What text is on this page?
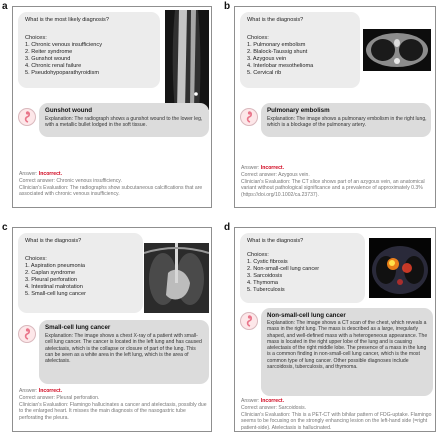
a
What is the most likely diagnosis?
Choices:
1. Chronic venous insufficiency
2. Reiter syndrome
3. Gunshot wound
4. Chronic renal failure
5. Pseudohypoparathyroidism
Gunshot wound
Explanation: The radiograph shows a gunshot wound to the lower leg, with a metallic bullet lodged in the soft tissue.
Answer: Incorrect.
Correct answer: Chronic venous insufficiency.
Clinician's Evaluation: The radiographs show subcutaneous calcifications that are associated with chronic venous insufficiency.
b
What is the diagnosis?
Choices:
1. Pulmonary embolism
2. Blalock-Taussig shunt
3. Azygous vein
4. Interlobar mesothelioma
5. Cervical rib
Pulmonary embolism
Explanation: The image shows a pulmonary embolism in the right lung, which is a blockage of the pulmonary artery.
Answer: Incorrect.
Correct answer: Azygous vein.
Clinician's Evaluation: The CT slice shows part of an azygous vein, an anatomical variant without pathological significance and a prevalence of approximately 0.3% (https://doi.org/10.1002/ca.23737).
c
What is the diagnosis?
Choices:
1. Aspiration pneumonia
2. Caplan syndrome
3. Pleural perforation
4. Intestinal malrotation
5. Small-cell lung cancer
Small-cell lung cancer
Explanation: The image shows a chest X-ray of a patient with small-cell lung cancer. The cancer is located in the left lung and has caused atelectasis, which is the collapse or closure of part of the lung. This can be seen as a white area in the left lung, which is the area of atelectasis.
Answer: Incorrect.
Correct answer: Pleural perforation.
Clinician's Evaluation: Flamingo hallucinates a cancer and atelectasis, possibly due to the enlarged heart. It misses the main diagnosis of the nasogastric tube perforating the pleura.
d
What is the diagnosis?
Choices:
1. Cystic fibrosis
2. Non-small-cell lung cancer
3. Sarcoidosis
4. Thymoma
5. Tuberculosis
Non-small-cell lung cancer
Explanation: The image shows a CT scan of the chest, which reveals a mass in the right lung. The mass is described as a large, irregularly shaped, and well-defined mass with a heterogeneous appearance. The mass is located in the right upper lobe of the lung and is causing atelectasis of the right middle lobe. The presence of a mass in the lung is a common finding in non-small-cell lung cancer, which is the most common type of lung cancer. Other possible diagnoses include sarcoidosis, tuberculosis, and thymoma.
Answer: Incorrect.
Correct answer: Sarcoidosis.
Clinician's Evaluation: This is a PET-CT with bihilar pattern of FDG-uptake. Flamingo seems to be focusing on the strongly enhancing lesion on the left-hand side (=right patient-side). Atelectasis is hallucinated.
